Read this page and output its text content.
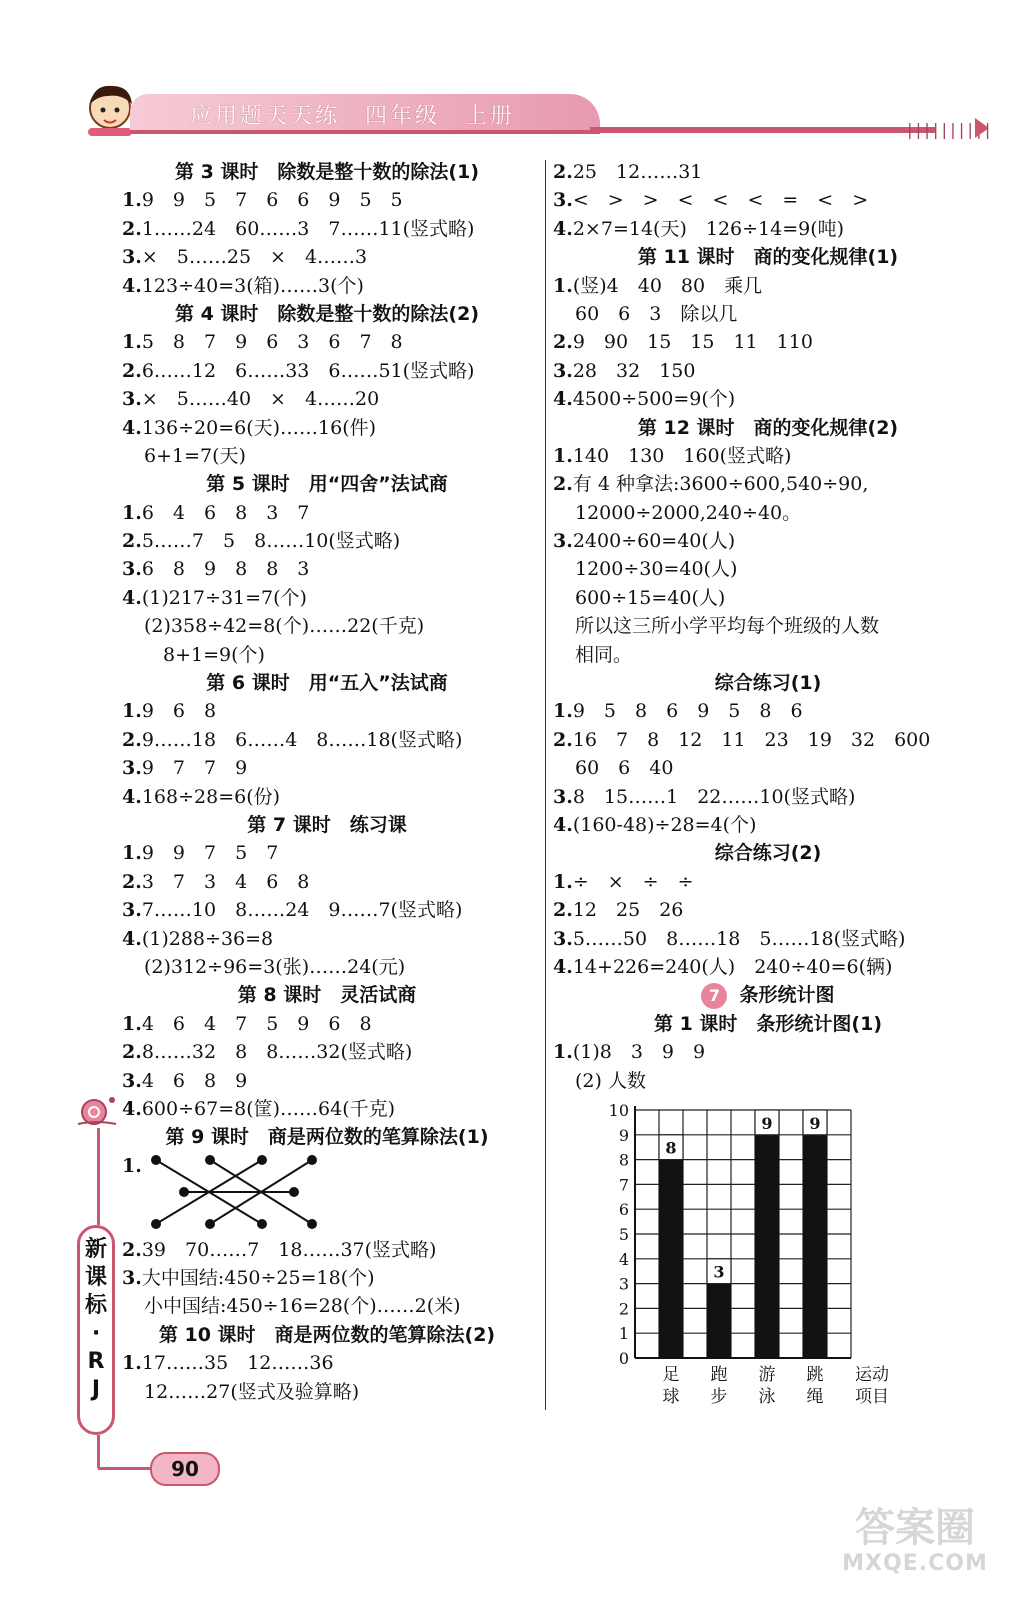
应用题天天练　四年级　上册
||||||||||
第 3 课时　除数是整十数的除法(1)
1.9　9　5　7　6　6　9　5　5
2.1……24　60……3　7……11(竖式略)
3.×　5……25　×　4……3
4.123÷40=3(箱)……3(个)
第 4 课时　除数是整十数的除法(2)
1.5　8　7　9　6　3　6　7　8
2.6……12　6……33　6……51(竖式略)
3.×　5……40　×　4……20
4.136÷20=6(天)……16(件)
6+1=7(天)
第 5 课时　用“四舍”法试商
1.6　4　6　8　3　7
2.5……7　5　8……10(竖式略)
3.6　8　9　8　8　3
4.(1)217÷31=7(个)
(2)358÷42=8(个)……22(千克)
　8+1=9(个)
第 6 课时　用“五入”法试商
1.9　6　8
2.9……18　6……4　8……18(竖式略)
3.9　7　7　9
4.168÷28=6(份)
第 7 课时　练习课
1.9　9　7　5　7
2.3　7　3　4　6　8
3.7……10　8……24　9……7(竖式略)
4.(1)288÷36=8
(2)312÷96=3(张)……24(元)
第 8 课时　灵活试商
1.4　6　4　7　5　9　6　8
2.8……32　8　8……32(竖式略)
3.4　6　8　9
4.600÷67=8(筐)……64(千克)
第 9 课时　商是两位数的笔算除法(1)
1.
2.39　70……7　18……37(竖式略)
3.大中国结:450÷25=18(个)
小中国结:450÷16=28(个)……2(米)
第 10 课时　商是两位数的笔算除法(2)
1.17……35　12……36
12……27(竖式及验算略)
2.25　12……31
3.<　>　>　<　<　<　=　<　>
4.2×7=14(天)　126÷14=9(吨)
第 11 课时　商的变化规律(1)
1.(竖)4　40　80　乘几
60　6　3　除以几
2.9　90　15　15　11　110
3.28　32　150
4.4500÷500=9(个)
第 12 课时　商的变化规律(2)
1.140　130　160(竖式略)
2.有 4 种拿法:3600÷600,540÷90,
12000÷2000,240÷40。
3.2400÷60=40(人)
1200÷30=40(人)
600÷15=40(人)
所以这三所小学平均每个班级的人数
相同。
综合练习(1)
1.9　5　8　6　9　5　8　6
2.16　7　8　12　11　23　19　32　600
60　6　40
3.8　15……1　22……10(竖式略)
4.(160-48)÷28=4(个)
综合练习(2)
1.÷　×　÷　÷
2.12　25　26
3.5……50　8……18　5……18(竖式略)
4.14+226=240(人)　240÷40=6(辆)
7 条形统计图
第 1 课时　条形统计图(1)
1.(1)8　3　9　9
(2) 人数
0
1
2
3
4
5
6
7
8
9
10
8
足
球
3
跑
步
9
游
泳
9
跳
绳
运动
项目
新
课
标
·
R
J
90
答案圈
MXQE.COM
